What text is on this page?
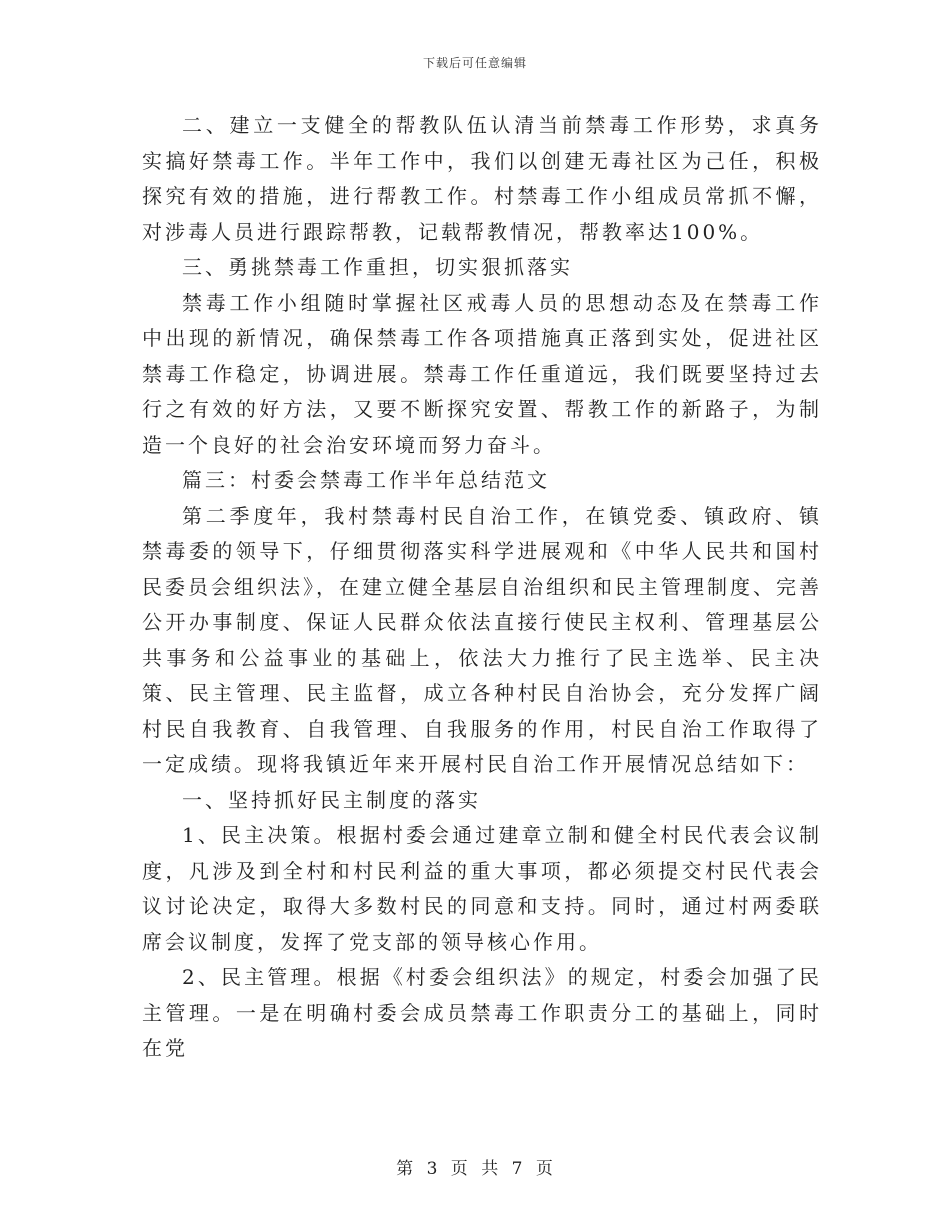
下载后可任意编辑

二、建立一支健全的帮教队伍认清当前禁毒工作形势，求真务实搞好禁毒工作。半年工作中，我们以创建无毒社区为己任，积极探究有效的措施，进行帮教工作。村禁毒工作小组成员常抓不懈，对涉毒人员进行跟踪帮教，记载帮教情况，帮教率达100%。

三、勇挑禁毒工作重担，切实狠抓落实

禁毒工作小组随时掌握社区戒毒人员的思想动态及在禁毒工作中出现的新情况，确保禁毒工作各项措施真正落到实处，促进社区禁毒工作稳定，协调进展。禁毒工作任重道远，我们既要坚持过去行之有效的好方法，又要不断探究安置、帮教工作的新路子，为制造一个良好的社会治安环境而努力奋斗。

篇三：村委会禁毒工作半年总结范文

第二季度年，我村禁毒村民自治工作，在镇党委、镇政府、镇禁毒委的领导下，仔细贯彻落实科学进展观和《中华人民共和国村民委员会组织法》，在建立健全基层自治组织和民主管理制度、完善公开办事制度、保证人民群众依法直接行使民主权利、管理基层公共事务和公益事业的基础上，依法大力推行了民主选举、民主决策、民主管理、民主监督，成立各种村民自治协会，充分发挥广阔村民自我教育、自我管理、自我服务的作用，村民自治工作取得了一定成绩。现将我镇近年来开展村民自治工作开展情况总结如下：

一、坚持抓好民主制度的落实

1、民主决策。根据村委会通过建章立制和健全村民代表会议制度，凡涉及到全村和村民利益的重大事项，都必须提交村民代表会议讨论决定，取得大多数村民的同意和支持。同时，通过村两委联席会议制度，发挥了党支部的领导核心作用。

2、民主管理。根据《村委会组织法》的规定，村委会加强了民主管理。一是在明确村委会成员禁毒工作职责分工的基础上，同时在党

第 3 页 共 7 页
